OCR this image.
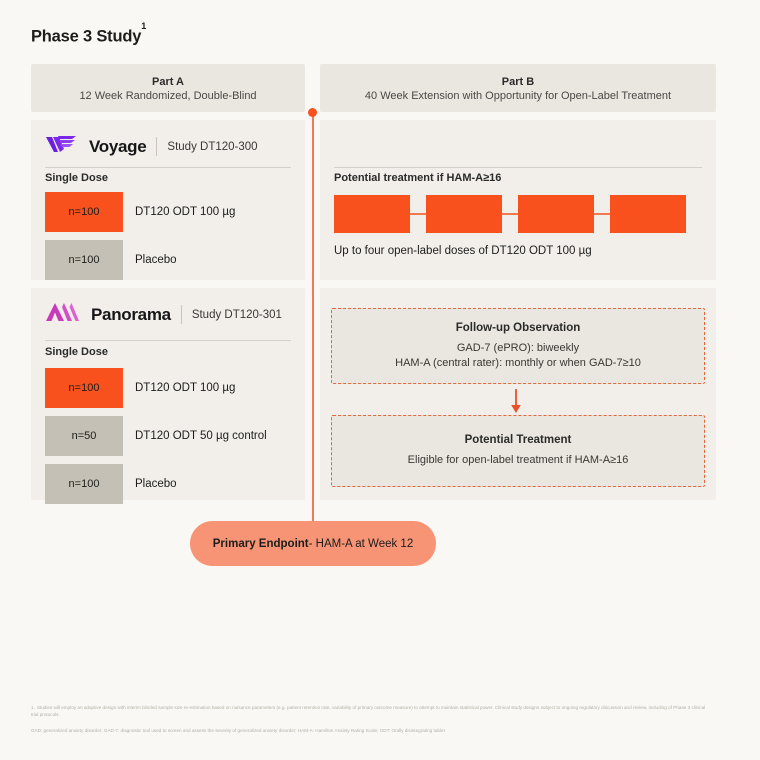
Phase 3 Study$^1$
Part A
12 Week Randomized, Double-Blind
Part B
40 Week Extension with Opportunity for Open-Label Treatment
Voyage Study DT120-300
Single Dose
n=100	DT120 ODT 100 µg
n=100	Placebo
Potential treatment if HAM-A≥16
Up to four open-label doses of DT120 ODT 100 µg
Panorama Study DT120-301
Single Dose
n=100	DT120 ODT 100 µg
n=50	DT120 ODT 50 µg control
n=100	Placebo
Follow-up Observation
GAD-7 (ePRO): biweekly
HAM-A (central rater): monthly or when GAD-7≥10
Potential Treatment
Eligible for open-label treatment if HAM-A≥16
Primary Endpoint - HAM-A at Week 12
1. Studies will employ an adaptive design with interim blinded sample size re-estimation based on nuisance parameters (e.g. patient retention rate, variability of primary outcome measure) to attempt to maintain statistical power. Clinical study designs subject to ongoing regulatory discussion and review, including of Phase 3 clinical trial protocols.
GAD: generalized anxiety disorder; GAD-7: diagnostic tool used to screen and assess the severity of generalized anxiety disorder; HAM-A: Hamilton Anxiety Rating Scale; ODT: Orally disintegrating tablet
